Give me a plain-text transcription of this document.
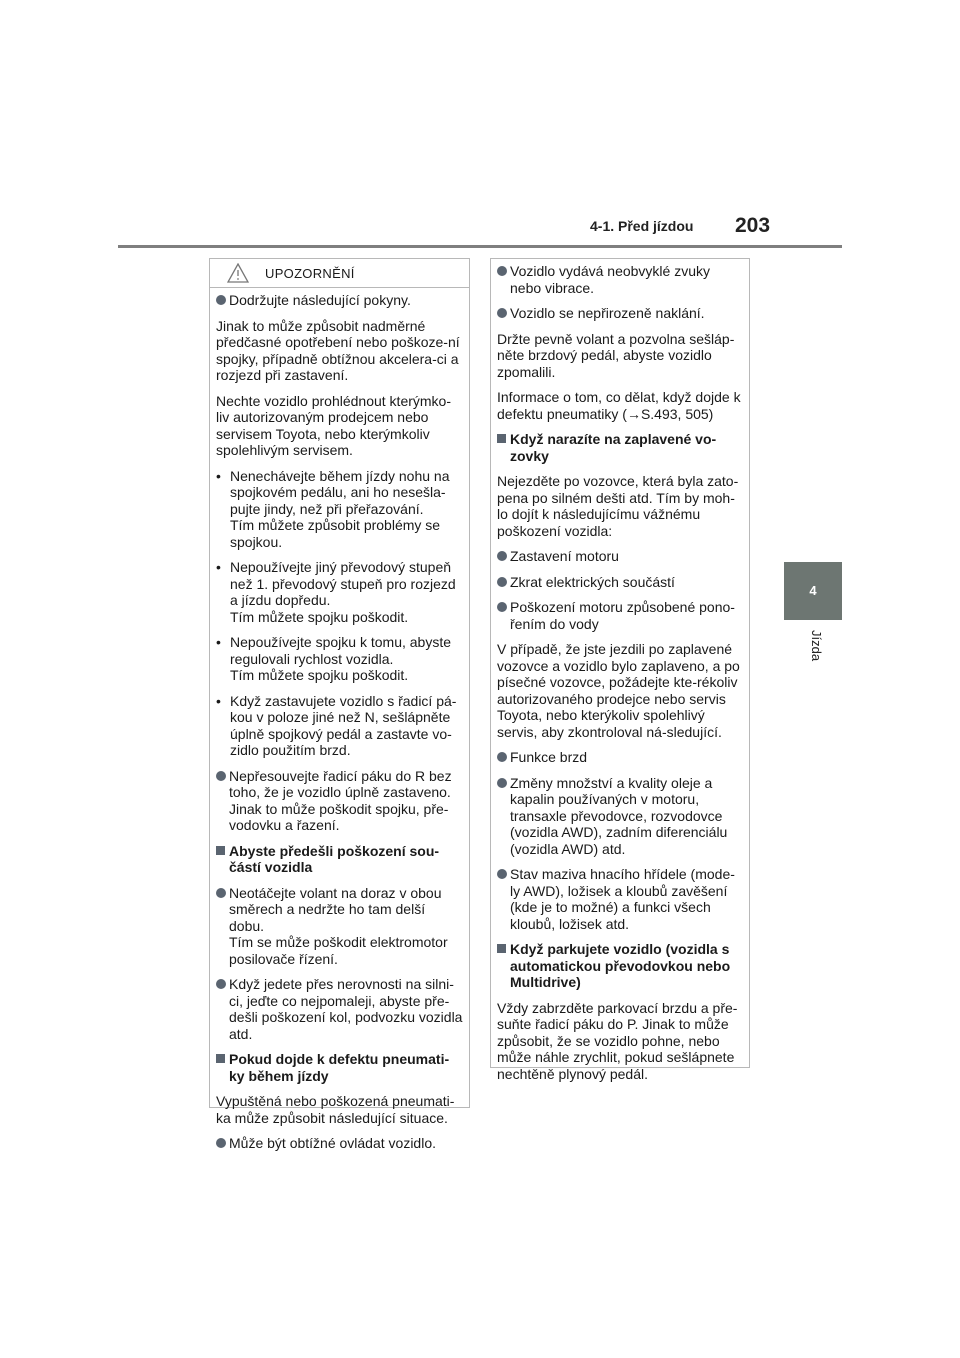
4-1. Před jízdou 203
4
Jízda
UPOZORNĚNÍ
Dodržujte následující pokyny.
Jinak to může způsobit nadměrné předčasné opotřebení nebo poškoze-ní spojky, případně obtížnou akcelera-ci a rozjezd při zastavení.
Nechte vozidlo prohlédnout kterýmko-liv autorizovaným prodejcem nebo servisem Toyota, nebo kterýmkoliv spolehlivým servisem.
• Nenechávejte během jízdy nohu na spojkovém pedálu, ani ho nesešla-pujte jindy, než při přeřazování.
Tím můžete způsobit problémy se spojkou.
• Nepoužívejte jiný převodový stupeň než 1. převodový stupeň pro rozjezd a jízdu dopředu.
Tím můžete spojku poškodit.
• Nepoužívejte spojku k tomu, abyste regulovali rychlost vozidla.
Tím můžete spojku poškodit.
• Když zastavujete vozidlo s řadicí pá-kou v poloze jiné než N, sešlápněte úplně spojkový pedál a zastavte vo-zidlo použitím brzd.
Nepřesouvejte řadicí páku do R bez toho, že je vozidlo úplně zastaveno.
Jinak to může poškodit spojku, pře-vodovku a řazení.
Abyste předešli poškození sou-částí vozidla
Neotáčejte volant na doraz v obou směrech a nedržte ho tam delší dobu.
Tím se může poškodit elektromotor posilovače řízení.
Když jedete přes nerovnosti na silni-ci, jeďte co nejpomaleji, abyste pře-dešli poškození kol, podvozku vozidla atd.
Pokud dojde k defektu pneumati-ky během jízdy
Vypuštěná nebo poškozená pneumati-ka může způsobit následující situace.
Může být obtížné ovládat vozidlo.
Vozidlo vydává neobvyklé zvuky nebo vibrace.
Vozidlo se nepřirozeně naklání.
Držte pevně volant a pozvolna sešláp-něte brzdový pedál, abyste vozidlo zpomalili.
Informace o tom, co dělat, když dojde k defektu pneumatiky (→S.493, 505)
Když narazíte na zaplavené vo-zovky
Nejezděte po vozovce, která byla zato-pena po silném dešti atd. Tím by moh-lo dojít k následujícímu vážnému poškození vozidla:
Zastavení motoru
Zkrat elektrických součástí
Poškození motoru způsobené pono-řením do vody
V případě, že jste jezdili po zaplavené vozovce a vozidlo bylo zaplaveno, a po písečné vozovce, požádejte kte-rékoliv autorizovaného prodejce nebo servis Toyota, nebo kterýkoliv spolehlivý servis, aby zkontroloval ná-sledující.
Funkce brzd
Změny množství a kvality oleje a kapalin používaných v motoru, transaxle převodovce, rozvodovce (vozidla AWD), zadním diferenciálu (vozidla AWD) atd.
Stav maziva hnacího hřídele (mode-ly AWD), ložisek a kloubů zavěšení (kde je to možné) a funkci všech kloubů, ložisek atd.
Když parkujete vozidlo (vozidla s automatickou převodovkou nebo Multidrive)
Vždy zabrzděte parkovací brzdu a pře-suňte řadicí páku do P. Jinak to může způsobit, že se vozidlo pohne, nebo může náhle zrychlit, pokud sešlápnete nechtěně plynový pedál.
